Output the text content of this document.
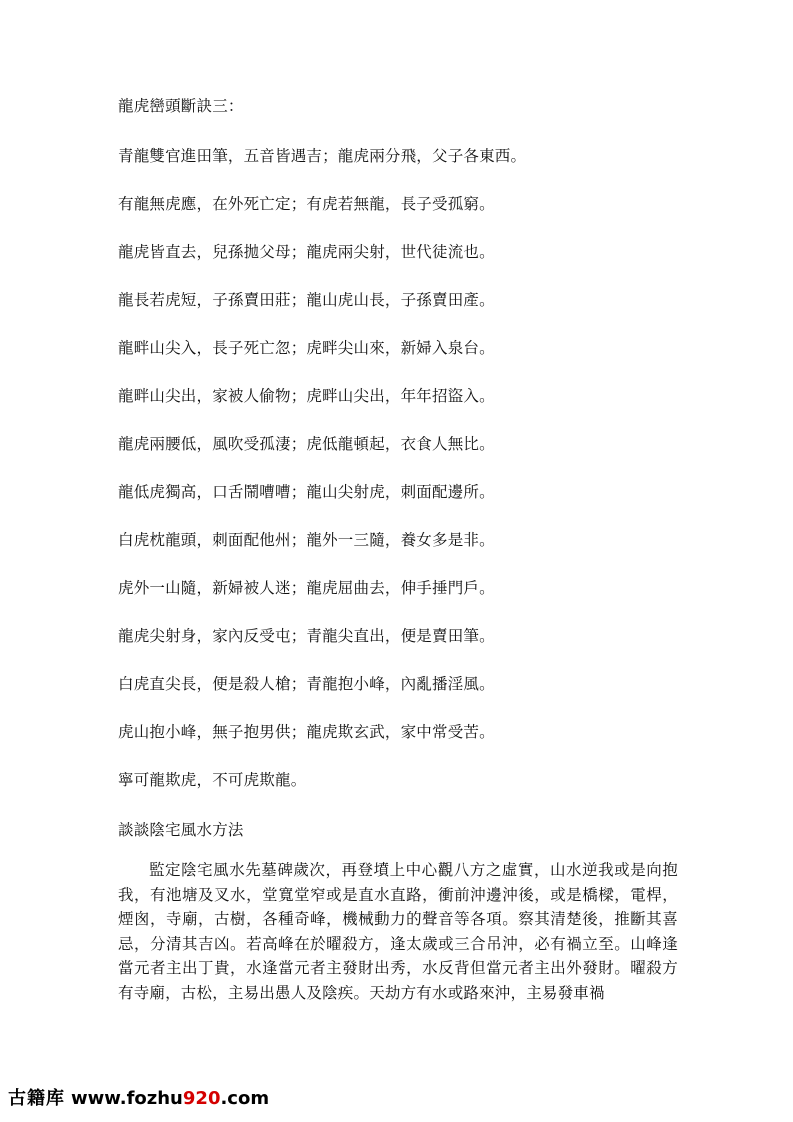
龍虎巒頭斷訣三：
青龍雙官進田筆，五音皆遇吉；龍虎兩分飛，父子各東西。
有龍無虎應，在外死亡定；有虎若無龍，長子受孤窮。
龍虎皆直去，兒孫拋父母；龍虎兩尖射，世代徒流也。
龍長若虎短，子孫賣田莊；龍山虎山長，子孫賣田產。
龍畔山尖入，長子死亡忽；虎畔尖山來，新婦入泉台。
龍畔山尖出，家被人偷物；虎畔山尖出，年年招盜入。
龍虎兩腰低，風吹受孤淒；虎低龍頓起，衣食人無比。
龍低虎獨高，口舌鬧嘈嘈；龍山尖射虎，刺面配邊所。
白虎枕龍頭，刺面配他州；龍外一三隨，養女多是非。
虎外一山隨，新婦被人迷；龍虎屈曲去，伸手捶門戶。
龍虎尖射身，家內反受屯；青龍尖直出，便是賣田筆。
白虎直尖長，便是殺人槍；青龍抱小峰，內亂播淫風。
虎山抱小峰，無子抱男供；龍虎欺玄武，家中常受苦。
寧可龍欺虎，不可虎欺龍。
談談陰宅風水方法
監定陰宅風水先墓碑歲次，再登墳上中心觀八方之虛實，山水逆我或是向抱我，有池塘及叉水，堂寬堂窄或是直水直路，衝前沖邊沖後，或是橋樑，電桿，煙囪，寺廟，古樹，各種奇峰，機械動力的聲音等各項。察其清楚後，推斷其喜忌，分清其吉凶。若高峰在於曜殺方，逢太歲或三合吊沖，必有禍立至。山峰逢當元者主出丁貴，水逢當元者主發財出秀，水反背但當元者主出外發財。曜殺方有寺廟，古松，主易出愚人及陰疾。天劫方有水或路來沖，主易發車禍
古籍库 www.fozhu920.com
